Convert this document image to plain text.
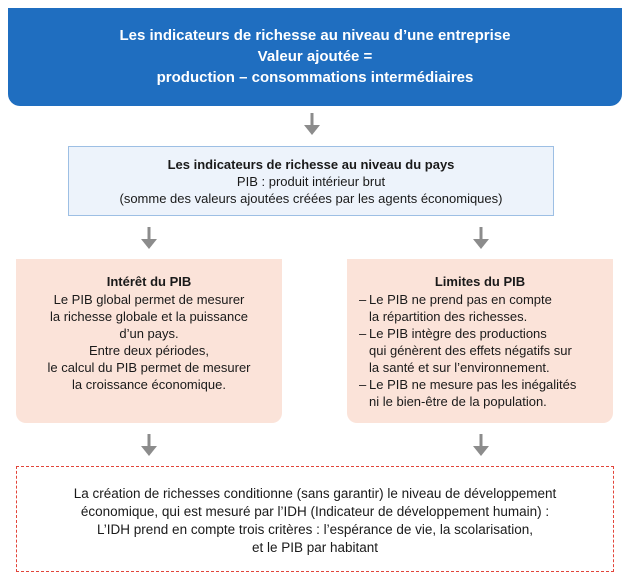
Les indicateurs de richesse au niveau d’une entreprise
Valeur ajoutée =
production – consommations intermédiaires
Les indicateurs de richesse au niveau du pays
PIB : produit intérieur brut
(somme des valeurs ajoutées créées par les agents économiques)
Intérêt du PIB
Le PIB global permet de mesurer
la richesse globale et la puissance
d’un pays.
Entre deux périodes,
le calcul du PIB permet de mesurer
la croissance économique.
Limites du PIB
– Le PIB ne prend pas en compte
la répartition des richesses.
– Le PIB intègre des productions
qui génèrent des effets négatifs sur
la santé et sur l’environnement.
– Le PIB ne mesure pas les inégalités
ni le bien-être de la population.
La création de richesses conditionne (sans garantir) le niveau de développement
économique, qui est mesuré par l’IDH (Indicateur de développement humain) :
L’IDH prend en compte trois critères : l’espérance de vie, la scolarisation,
et le PIB par habitant
